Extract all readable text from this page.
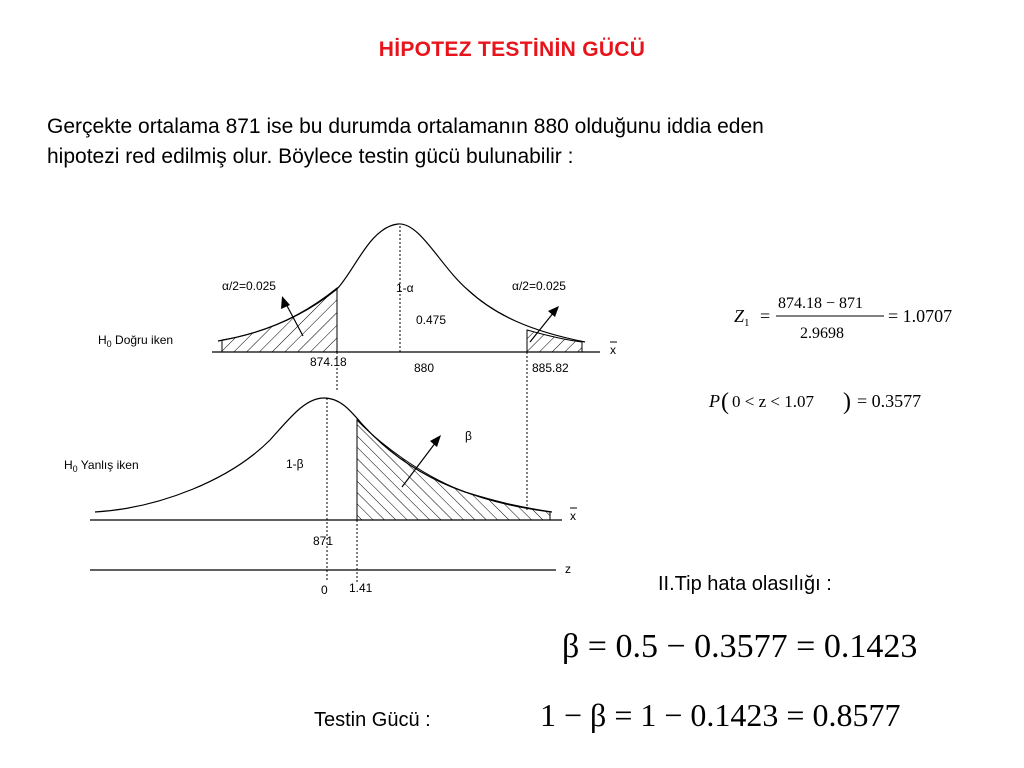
HİPOTEZ TESTİNİN GÜCÜ
Gerçekte ortalama 871 ise bu durumda ortalamanın 880 olduğunu iddia eden
hipotezi red edilmiş olur. Böylece testin gücü bulunabilir :
α/2=0.025	α/2=0.025
1-α
0.475
$H_0$ Doğru iken
874.18	880	885.82
x
$H_0$ Yanlış iken
β
1-β
x
871
z
0 1.41
$Z_1$ =
874.18 − 871
2.9698
= 1.0707
P ( 0 < z < 1.07 ) = 0.3577
II.Tip hata olasılığı :
β = 0.5 − 0.3577 = 0.1423
Testin Gücü :	1 − β = 1 − 0.1423 = 0.8577
